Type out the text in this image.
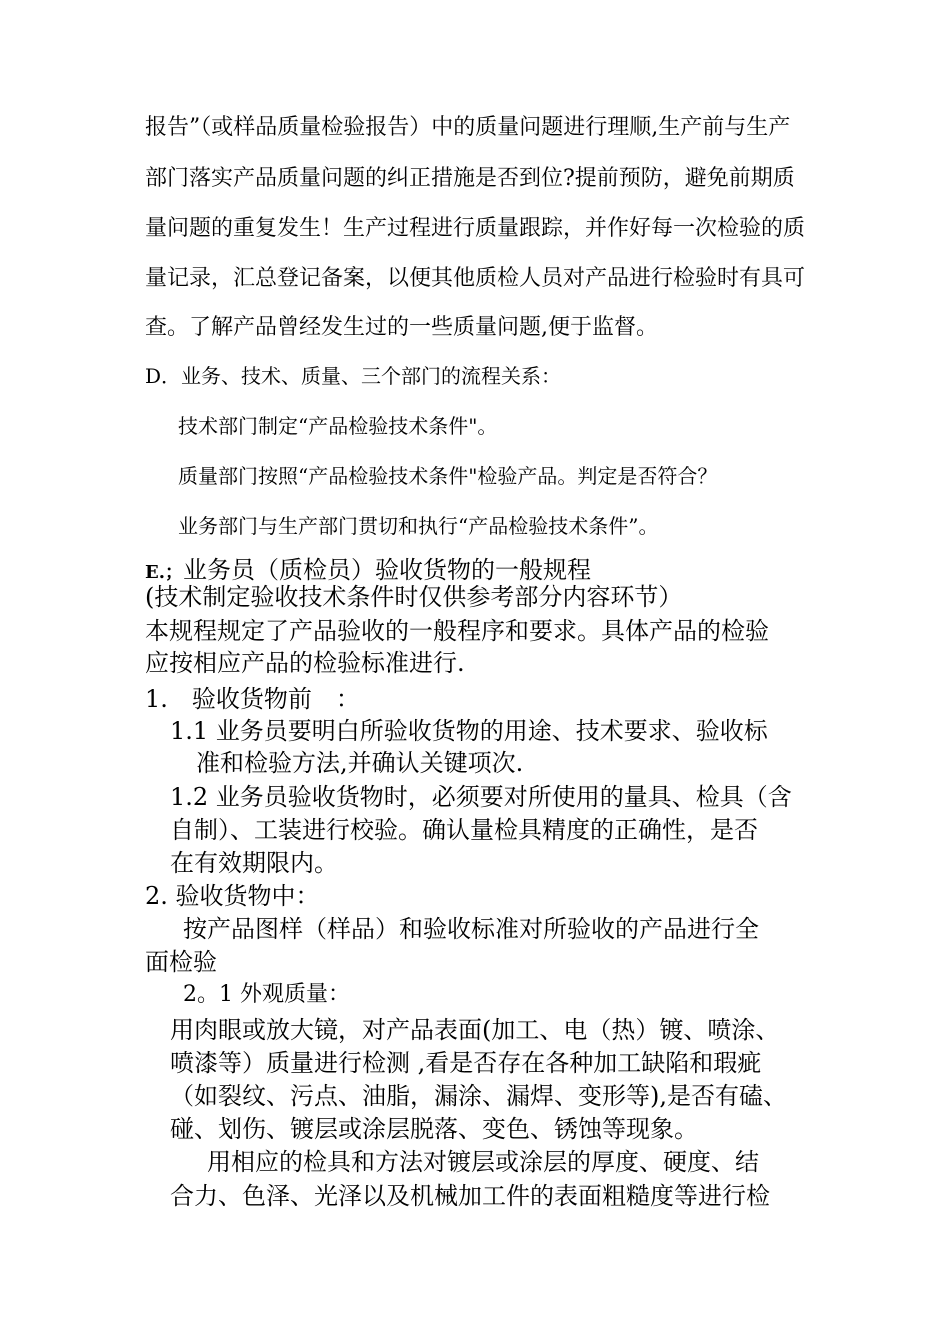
报告”（或样品质量检验报告）中的质量问题进行理顺,生产前与生产
部门落实产品质量问题的纠正措施是否到位?提前预防，避免前期质
量问题的重复发生！生产过程进行质量跟踪，并作好每一次检验的质
量记录，汇总登记备案，以便其他质检人员对产品进行检验时有具可
查。了解产品曾经发生过的一些质量问题,便于监督。
D．业务、技术、质量、三个部门的流程关系：
技术部门制定“产品检验技术条件"。
质量部门按照“产品检验技术条件"检验产品。判定是否符合？
业务部门与生产部门贯切和执行“产品检验技术条件”。
E.；业务员（质检员）验收货物的一般规程
(技术制定验收技术条件时仅供参考部分内容环节）
本规程规定了产品验收的一般程序和要求。具体产品的检验
应按相应产品的检验标准进行.
1.　验收货物前　：
1.1 业务员要明白所验收货物的用途、技术要求、验收标
准和检验方法,并确认关键项次.
1.2 业务员验收货物时，必须要对所使用的量具、检具（含
自制）、工装进行校验。确认量检具精度的正确性，是否
在有效期限内。
2. 验收货物中：
按产品图样（样品）和验收标准对所验收的产品进行全
面检验
2。1 外观质量：
用肉眼或放大镜，对产品表面(加工、电（热）镀、喷涂、
喷漆等）质量进行检测 ,看是否存在各种加工缺陷和瑕疵
（如裂纹、污点、油脂，漏涂、漏焊、变形等),是否有磕、
碰、划伤、镀层或涂层脱落、变色、锈蚀等现象。
用相应的检具和方法对镀层或涂层的厚度、硬度、结
合力、色泽、光泽以及机械加工件的表面粗糙度等进行检
